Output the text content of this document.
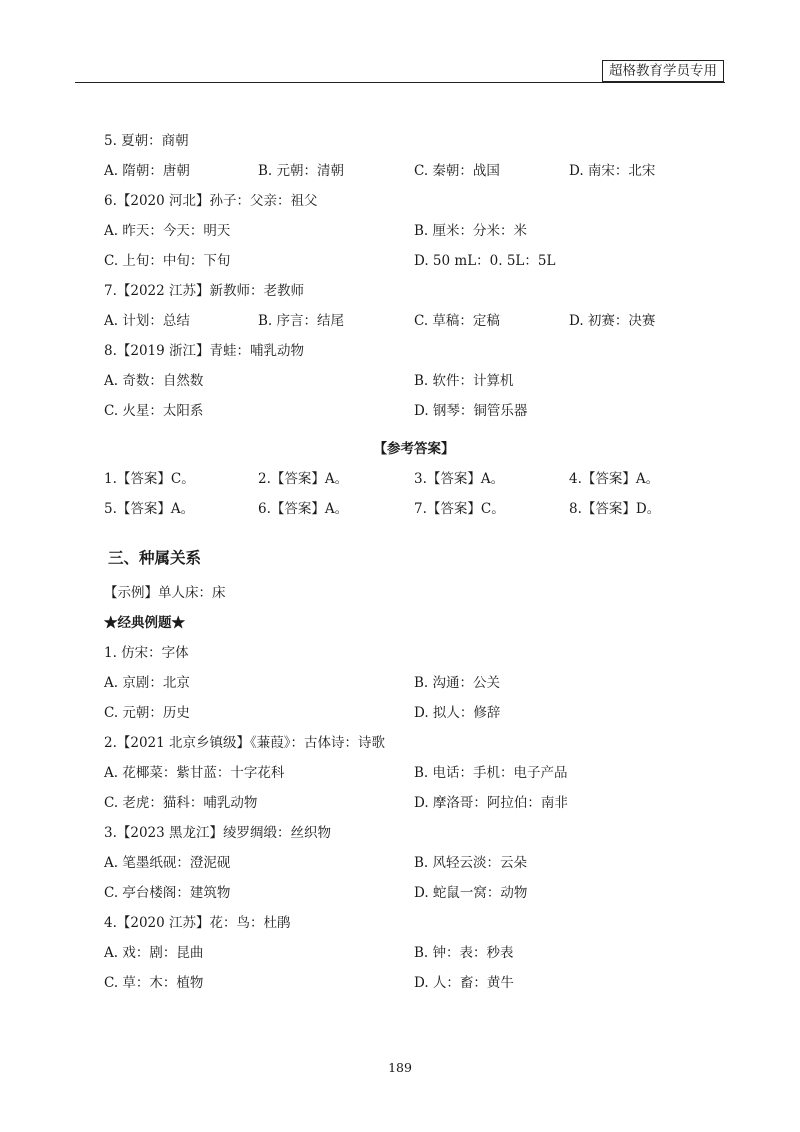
超格教育学员专用
5. 夏朝：商朝
A. 隋朝：唐朝	B. 元朝：清朝	C. 秦朝：战国	D. 南宋：北宋
6.【2020 河北】孙子：父亲：祖父
A. 昨天：今天：明天	B. 厘米：分米：米
C. 上旬：中旬：下旬	D. 50 mL：0. 5L：5L
7.【2022 江苏】新教师：老教师
A. 计划：总结	B. 序言：结尾	C. 草稿：定稿	D. 初赛：决赛
8.【2019 浙江】青蛙：哺乳动物
A. 奇数：自然数	B. 软件：计算机
C. 火星：太阳系	D. 钢琴：铜管乐器
【参考答案】
1.【答案】C。	2.【答案】A。	3.【答案】A。	4.【答案】A。
5.【答案】A。	6.【答案】A。	7.【答案】C。	8.【答案】D。
三、种属关系
【示例】单人床：床
★经典例题★
1. 仿宋：字体
A. 京剧：北京	B. 沟通：公关
C. 元朝：历史	D. 拟人：修辞
2.【2021 北京乡镇级】《蒹葭》：古体诗：诗歌
A. 花椰菜：紫甘蓝：十字花科	B. 电话：手机：电子产品
C. 老虎：猫科：哺乳动物	D. 摩洛哥：阿拉伯：南非
3.【2023 黑龙江】绫罗绸缎：丝织物
A. 笔墨纸砚：澄泥砚	B. 风轻云淡：云朵
C. 亭台楼阁：建筑物	D. 蛇鼠一窝：动物
4.【2020 江苏】花：鸟：杜鹃
A. 戏：剧：昆曲	B. 钟：表：秒表
C. 草：木：植物	D. 人：畜：黄牛
189
